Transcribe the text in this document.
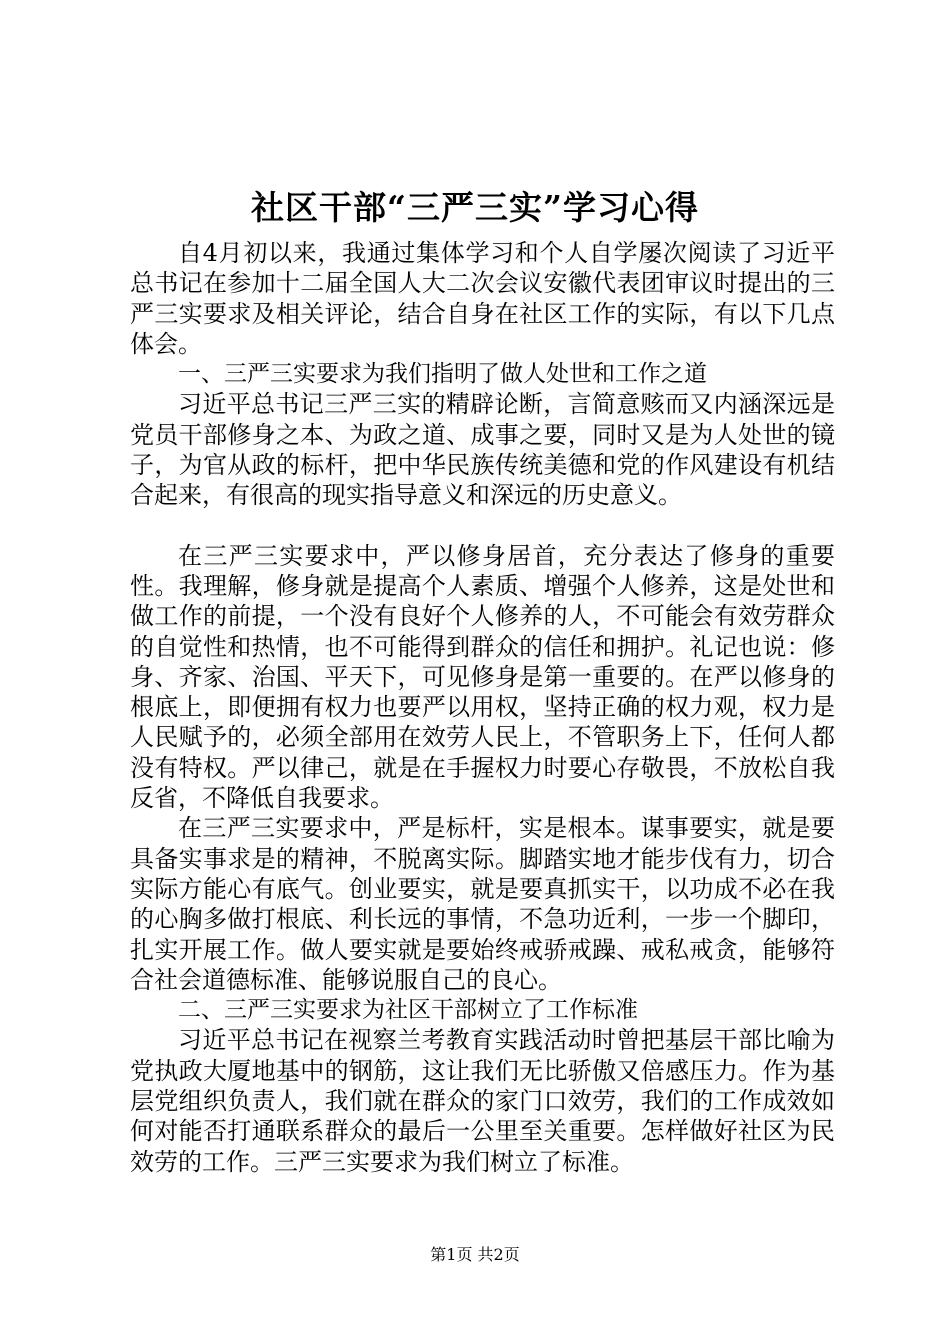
社区干部“三严三实”学习心得

自4月初以来，我通过集体学习和个人自学屡次阅读了习近平总书记在参加十二届全国人大二次会议安徽代表团审议时提出的三严三实要求及相关评论，结合自身在社区工作的实际，有以下几点体会。

一、三严三实要求为我们指明了做人处世和工作之道

习近平总书记三严三实的精辟论断，言简意赅而又内涵深远是党员干部修身之本、为政之道、成事之要，同时又是为人处世的镜子，为官从政的标杆，把中华民族传统美德和党的作风建设有机结合起来，有很高的现实指导意义和深远的历史意义。

在三严三实要求中，严以修身居首，充分表达了修身的重要性。我理解，修身就是提高个人素质、增强个人修养，这是处世和做工作的前提，一个没有良好个人修养的人，不可能会有效劳群众的自觉性和热情，也不可能得到群众的信任和拥护。礼记也说：修身、齐家、治国、平天下，可见修身是第一重要的。在严以修身的根底上，即便拥有权力也要严以用权，坚持正确的权力观，权力是人民赋予的，必须全部用在效劳人民上，不管职务上下，任何人都没有特权。严以律己，就是在手握权力时要心存敬畏，不放松自我反省，不降低自我要求。

在三严三实要求中，严是标杆，实是根本。谋事要实，就是要具备实事求是的精神，不脱离实际。脚踏实地才能步伐有力，切合实际方能心有底气。创业要实，就是要真抓实干，以功成不必在我的心胸多做打根底、利长远的事情，不急功近利，一步一个脚印，扎实开展工作。做人要实就是要始终戒骄戒躁、戒私戒贪，能够符合社会道德标准、能够说服自己的良心。

二、三严三实要求为社区干部树立了工作标准

习近平总书记在视察兰考教育实践活动时曾把基层干部比喻为党执政大厦地基中的钢筋，这让我们无比骄傲又倍感压力。作为基层党组织负责人，我们就在群众的家门口效劳，我们的工作成效如何对能否打通联系群众的最后一公里至关重要。怎样做好社区为民效劳的工作。三严三实要求为我们树立了标准。

第1页 共2页
